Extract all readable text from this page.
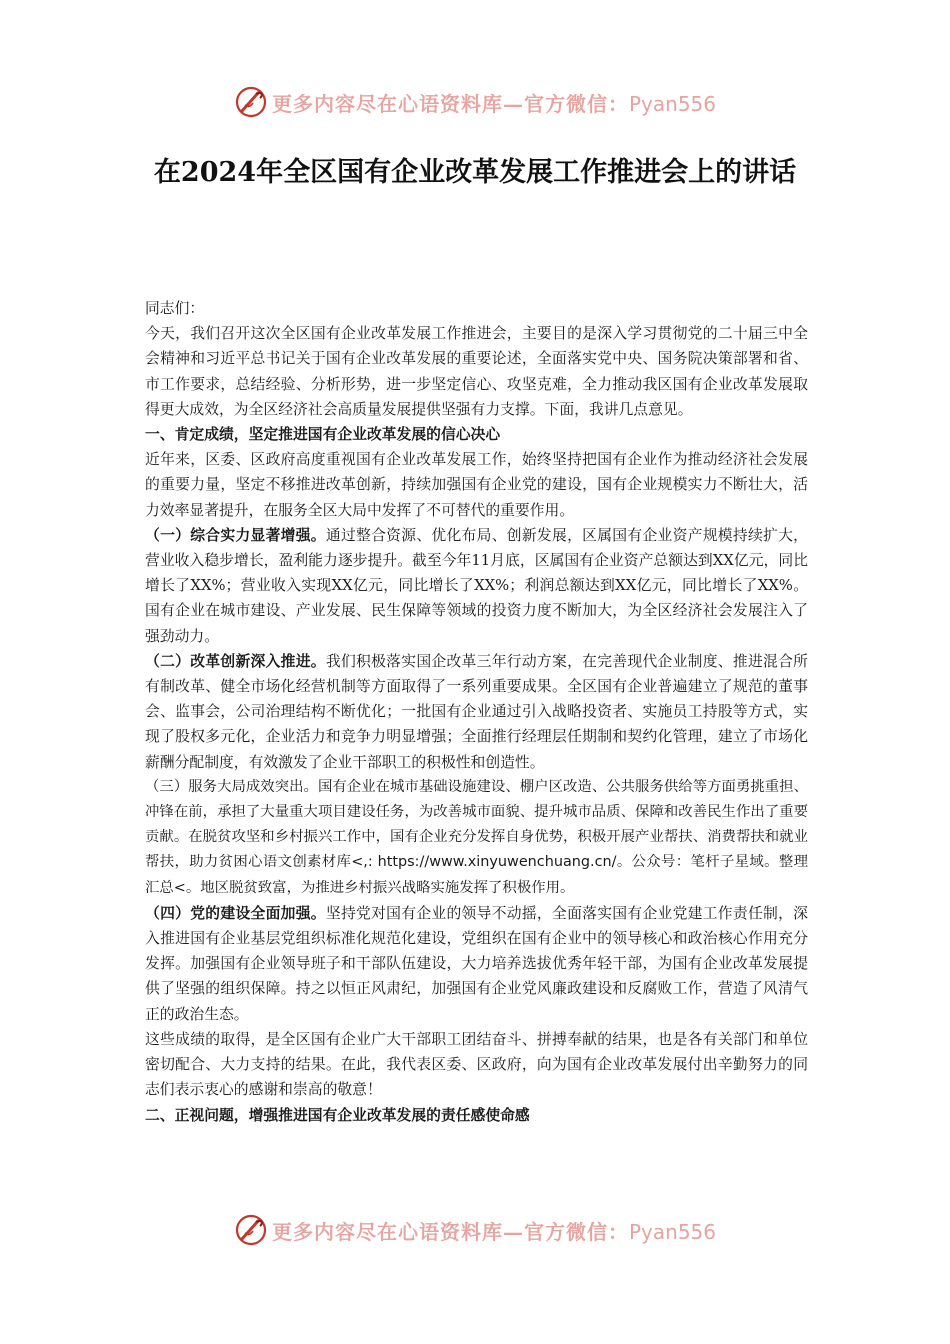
更多内容尽在心语资料库—官方微信：Pyan556
在2024年全区国有企业改革发展工作推进会上的讲话

同志们：

今天，我们召开这次全区国有企业改革发展工作推进会，主要目的是深入学习贯彻党的二十届三中全会精神和习近平总书记关于国有企业改革发展的重要论述，全面落实党中央、国务院决策部署和省、市工作要求，总结经验、分析形势，进一步坚定信心、攻坚克难，全力推动我区国有企业改革发展取得更大成效，为全区经济社会高质量发展提供坚强有力支撑。下面，我讲几点意见。

一、肯定成绩，坚定推进国有企业改革发展的信心决心

近年来，区委、区政府高度重视国有企业改革发展工作，始终坚持把国有企业作为推动经济社会发展的重要力量，坚定不移推进改革创新，持续加强国有企业党的建设，国有企业规模实力不断壮大，活力效率显著提升，在服务全区大局中发挥了不可替代的重要作用。

（一）综合实力显著增强。通过整合资源、优化布局、创新发展，区属国有企业资产规模持续扩大，营业收入稳步增长，盈利能力逐步提升。截至今年11月底，区属国有企业资产总额达到XX亿元，同比增长了XX%；营业收入实现XX亿元，同比增长了XX%；利润总额达到XX亿元，同比增长了XX%。国有企业在城市建设、产业发展、民生保障等领域的投资力度不断加大，为全区经济社会发展注入了强劲动力。

（二）改革创新深入推进。我们积极落实国企改革三年行动方案，在完善现代企业制度、推进混合所有制改革、健全市场化经营机制等方面取得了一系列重要成果。全区国有企业普遍建立了规范的董事会、监事会，公司治理结构不断优化；一批国有企业通过引入战略投资者、实施员工持股等方式，实现了股权多元化，企业活力和竞争力明显增强；全面推行经理层任期制和契约化管理，建立了市场化薪酬分配制度，有效激发了企业干部职工的积极性和创造性。

（三）服务大局成效突出。国有企业在城市基础设施建设、棚户区改造、公共服务供给等方面勇挑重担、冲锋在前，承担了大量重大项目建设任务，为改善城市面貌、提升城市品质、保障和改善民生作出了重要贡献。在脱贫攻坚和乡村振兴工作中，国有企业充分发挥自身优势，积极开展产业帮扶、消费帮扶和就业帮扶，助力贫困心语文创素材库<,: https://www.xinyuwenchuang.cn/。公众号：笔杆子星域。整理汇总<。地区脱贫致富，为推进乡村振兴战略实施发挥了积极作用。

（四）党的建设全面加强。坚持党对国有企业的领导不动摇，全面落实国有企业党建工作责任制，深入推进国有企业基层党组织标准化规范化建设，党组织在国有企业中的领导核心和政治核心作用充分发挥。加强国有企业领导班子和干部队伍建设，大力培养选拔优秀年轻干部，为国有企业改革发展提供了坚强的组织保障。持之以恒正风肃纪，加强国有企业党风廉政建设和反腐败工作，营造了风清气正的政治生态。

这些成绩的取得，是全区国有企业广大干部职工团结奋斗、拼搏奉献的结果，也是各有关部门和单位密切配合、大力支持的结果。在此，我代表区委、区政府，向为国有企业改革发展付出辛勤努力的同志们表示衷心的感谢和崇高的敬意！

二、正视问题，增强推进国有企业改革发展的责任感使命感

更多内容尽在心语资料库—官方微信：Pyan556
